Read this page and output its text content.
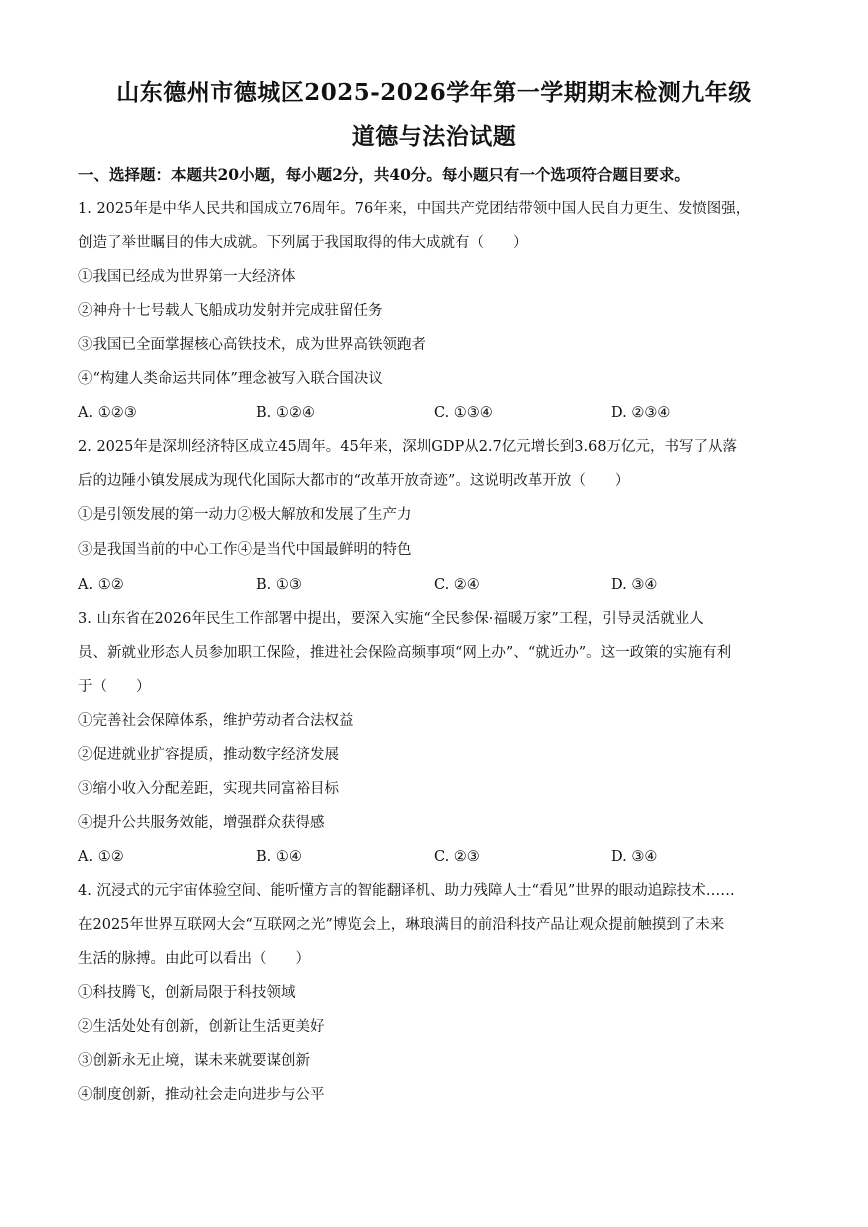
山东德州市德城区2025-2026学年第一学期期末检测九年级
道德与法治试题
一、选择题：本题共20小题，每小题2分，共40分。每小题只有一个选项符合题目要求。
1. 2025年是中华人民共和国成立76周年。76年来，中国共产党团结带领中国人民自力更生、发愤图强，
创造了举世瞩目的伟大成就。下列属于我国取得的伟大成就有（　　）
①我国已经成为世界第一大经济体
②神舟十七号载人飞船成功发射并完成驻留任务
③我国已全面掌握核心高铁技术，成为世界高铁领跑者
④“构建人类命运共同体”理念被写入联合国决议
A. ①②③	B. ①②④	C. ①③④	D. ②③④
2. 2025年是深圳经济特区成立45周年。45年来，深圳GDP从2.7亿元增长到3.68万亿元，书写了从落
后的边陲小镇发展成为现代化国际大都市的“改革开放奇迹”。这说明改革开放（　　）
①是引领发展的第一动力②极大解放和发展了生产力
③是我国当前的中心工作④是当代中国最鲜明的特色
A. ①②	B. ①③	C. ②④	D. ③④
3. 山东省在2026年民生工作部署中提出，要深入实施“全民参保·福暖万家”工程，引导灵活就业人
员、新就业形态人员参加职工保险，推进社会保险高频事项“网上办”、“就近办”。这一政策的实施有利
于（　　）
①完善社会保障体系，维护劳动者合法权益
②促进就业扩容提质，推动数字经济发展
③缩小收入分配差距，实现共同富裕目标
④提升公共服务效能，增强群众获得感
A. ①②	B. ①④	C. ②③	D. ③④
4. 沉浸式的元宇宙体验空间、能听懂方言的智能翻译机、助力残障人士“看见”世界的眼动追踪技术……
在2025年世界互联网大会“互联网之光”博览会上，琳琅满目的前沿科技产品让观众提前触摸到了未来
生活的脉搏。由此可以看出（　　）
①科技腾飞，创新局限于科技领域
②生活处处有创新，创新让生活更美好
③创新永无止境，谋未来就要谋创新
④制度创新，推动社会走向进步与公平
